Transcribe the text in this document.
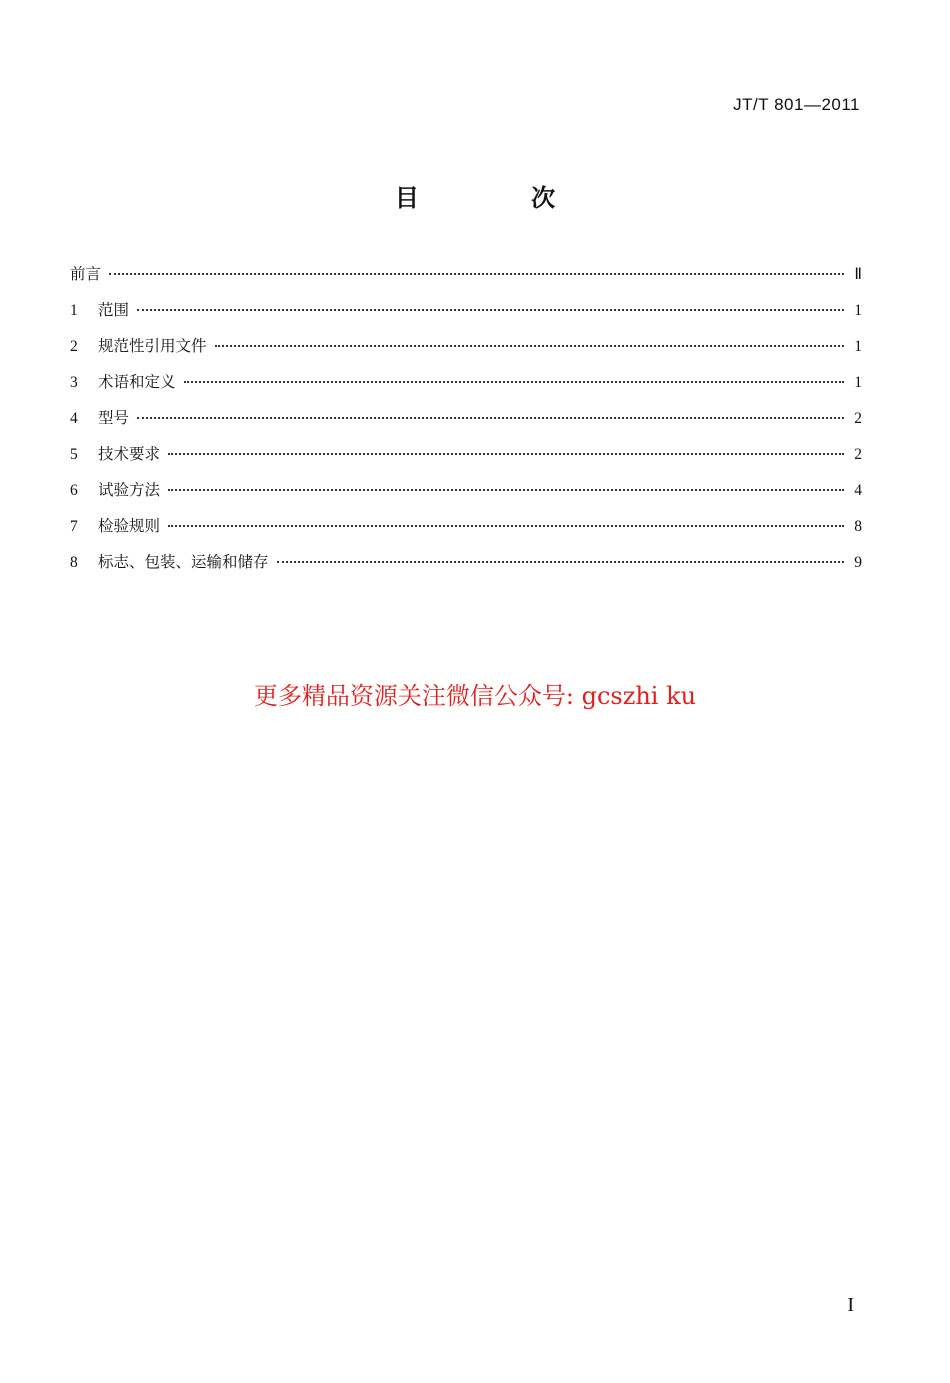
JT/T 801—2011
目 次
前言	Ⅱ
1	范围	1
2	规范性引用文件	1
3	术语和定义	1
4	型号	2
5	技术要求	2
6	试验方法	4
7	检验规则	8
8	标志、包装、运输和储存	9
更多精品资源关注微信公众号: gcszhi ku
I
